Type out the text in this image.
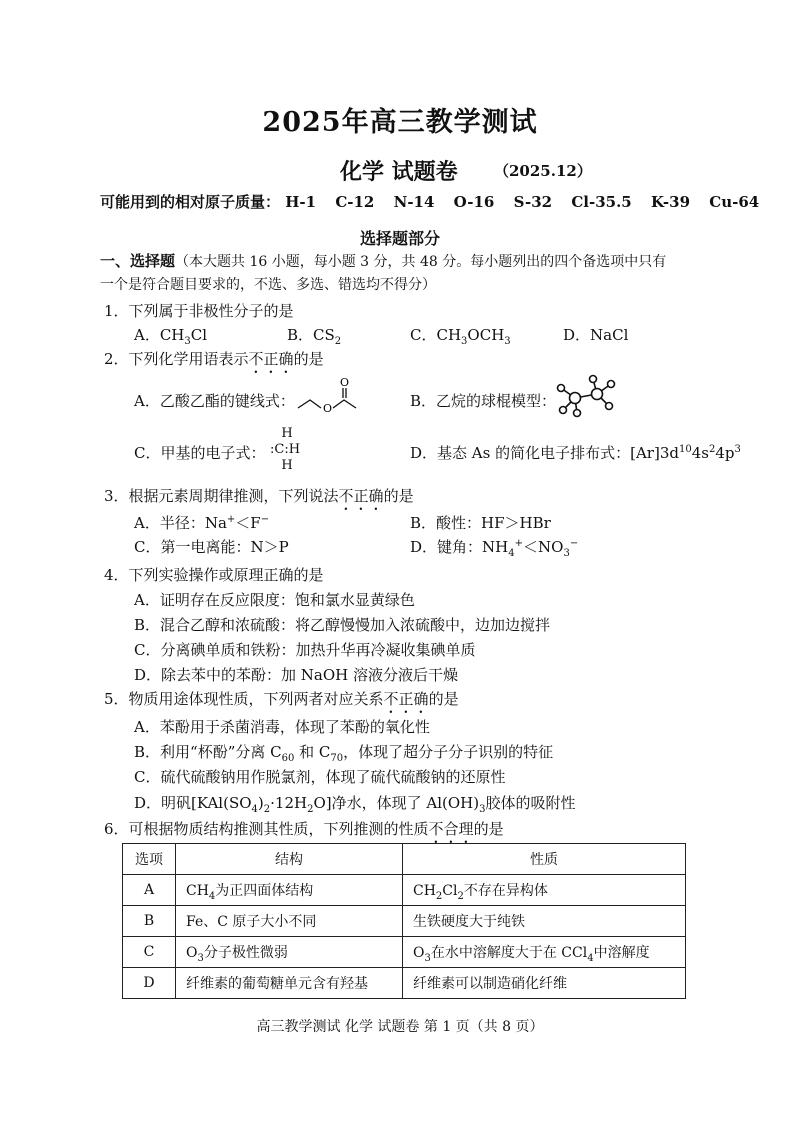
2025年高三教学测试
化学 试题卷 （2025.12）
可能用到的相对原子质量： H-1 C-12 N-14 O-16 S-32 Cl-35.5 K-39 Cu-64
选择题部分
一、选择题（本大题共 16 小题，每小题 3 分，共 48 分。每小题列出的四个备选项中只有
一个是符合题目要求的，不选、多选、错选均不得分）
1．下列属于非极性分子的是
A．$CH_3Cl$	B．$CS_2$	C．$CH_3OCH_3$	D．NaCl
2．下列化学用语表示不正确的是
A．乙酸乙酯的键线式：
O
O	B．乙烷的球棍模型：
C．甲基的电子式：
H
:C:H
H
D．基态 As 的简化电子排布式：$[Ar]3d^{10}4s^24p^3$
3．根据元素周期律推测，下列说法不正确的是
A．半径：Na+＜F−	B．酸性：HF＞HBr
C．第一电离能：N＞P	D．键角：$NH_4^+<NO_3^-$
4．下列实验操作或原理正确的是
A．证明存在反应限度：饱和氯水显黄绿色
B．混合乙醇和浓硫酸：将乙醇慢慢加入浓硫酸中，边加边搅拌
C．分离碘单质和铁粉：加热升华再冷凝收集碘单质
D．除去苯中的苯酚：加 NaOH 溶液分液后干燥
5．物质用途体现性质，下列两者对应关系不正确的是
A．苯酚用于杀菌消毒，体现了苯酚的氧化性
B．利用“杯酚”分离 $C_{60}$ 和 $C_{70}$，体现了超分子分子识别的特征
C．硫代硫酸钠用作脱氯剂，体现了硫代硫酸钠的还原性
D．明矾$[KAl(SO_4)_2\cdot 12H_2O]$净水，体现了 $Al(OH)_3$胶体的吸附性
6．可根据物质结构推测其性质，下列推测的性质不合理的是
选项	结构	性质
A	$CH_4$为正四面体结构	$CH_2Cl_2$不存在异构体
B	Fe、C 原子大小不同	生铁硬度大于纯铁
C	$O_3$分子极性微弱	$O_3$在水中溶解度大于在 CCl$_4$中溶解度
D	纤维素的葡萄糖单元含有羟基	纤维素可以制造硝化纤维
高三教学测试 化学 试题卷 第 1 页（共 8 页）
